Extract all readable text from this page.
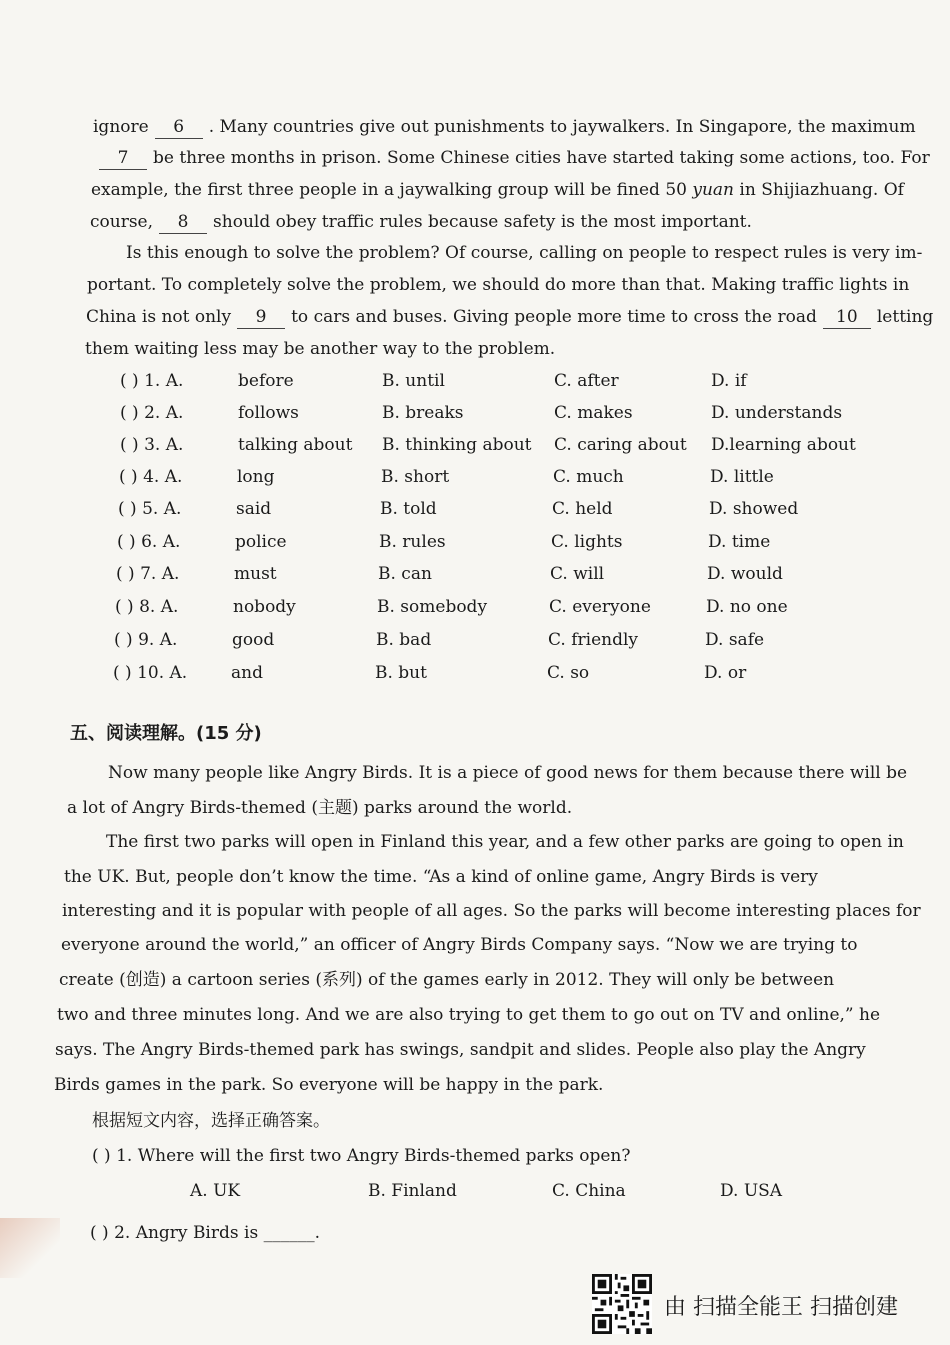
ignore 6 . Many countries give out punishments to jaywalkers. In Singapore, the maximum
7 be three months in prison. Some Chinese cities have started taking some actions, too. For
example, the first three people in a jaywalking group will be fined 50 yuan in Shijiazhuang. Of
course, 8 should obey traffic rules because safety is the most important.
Is this enough to solve the problem? Of course, calling on people to respect rules is very im-
portant. To completely solve the problem, we should do more than that. Making traffic lights in
China is not only 9 to cars and buses. Giving people more time to cross the road 10 letting
them waiting less may be another way to the problem.
( ) 1. A.	before	B. until	C. after	D. if
( ) 2. A.	follows	B. breaks	C. makes	D. understands
( ) 3. A.	talking about B. thinking about C. caring about D.learning about
( ) 4. A.	long	B. short	C. much	D. little
( ) 5. A.	said	B. told	C. held	D. showed
( ) 6. A.	police	B. rules	C. lights	D. time
( ) 7. A.	must	B. can	C. will	D. would
( ) 8. A.	nobody	B. somebody	C. everyone	D. no one
( ) 9. A.	good	B. bad	C. friendly	D. safe
( ) 10. A.	and	B. but	C. so	D. or
五、阅读理解。(15 分)
Now many people like Angry Birds. It is a piece of good news for them because there will be
a lot of Angry Birds-themed (主题) parks around the world.
The first two parks will open in Finland this year, and a few other parks are going to open in
the UK. But, people don’t know the time. “As a kind of online game, Angry Birds is very
interesting and it is popular with people of all ages. So the parks will become interesting places for
everyone around the world,” an officer of Angry Birds Company says. “Now we are trying to
create (创造) a cartoon series (系列) of the games early in 2012. They will only be between
two and three minutes long. And we are also trying to get them to go out on TV and online,” he
says. The Angry Birds-themed park has swings, sandpit and slides. People also play the Angry
Birds games in the park. So everyone will be happy in the park.
根据短文内容，选择正确答案。
( ) 1. Where will the first two Angry Birds-themed parks open?
A. UK	B. Finland	C. China	D. USA
( ) 2. Angry Birds is ______.
由 扫描全能王 扫描创建
